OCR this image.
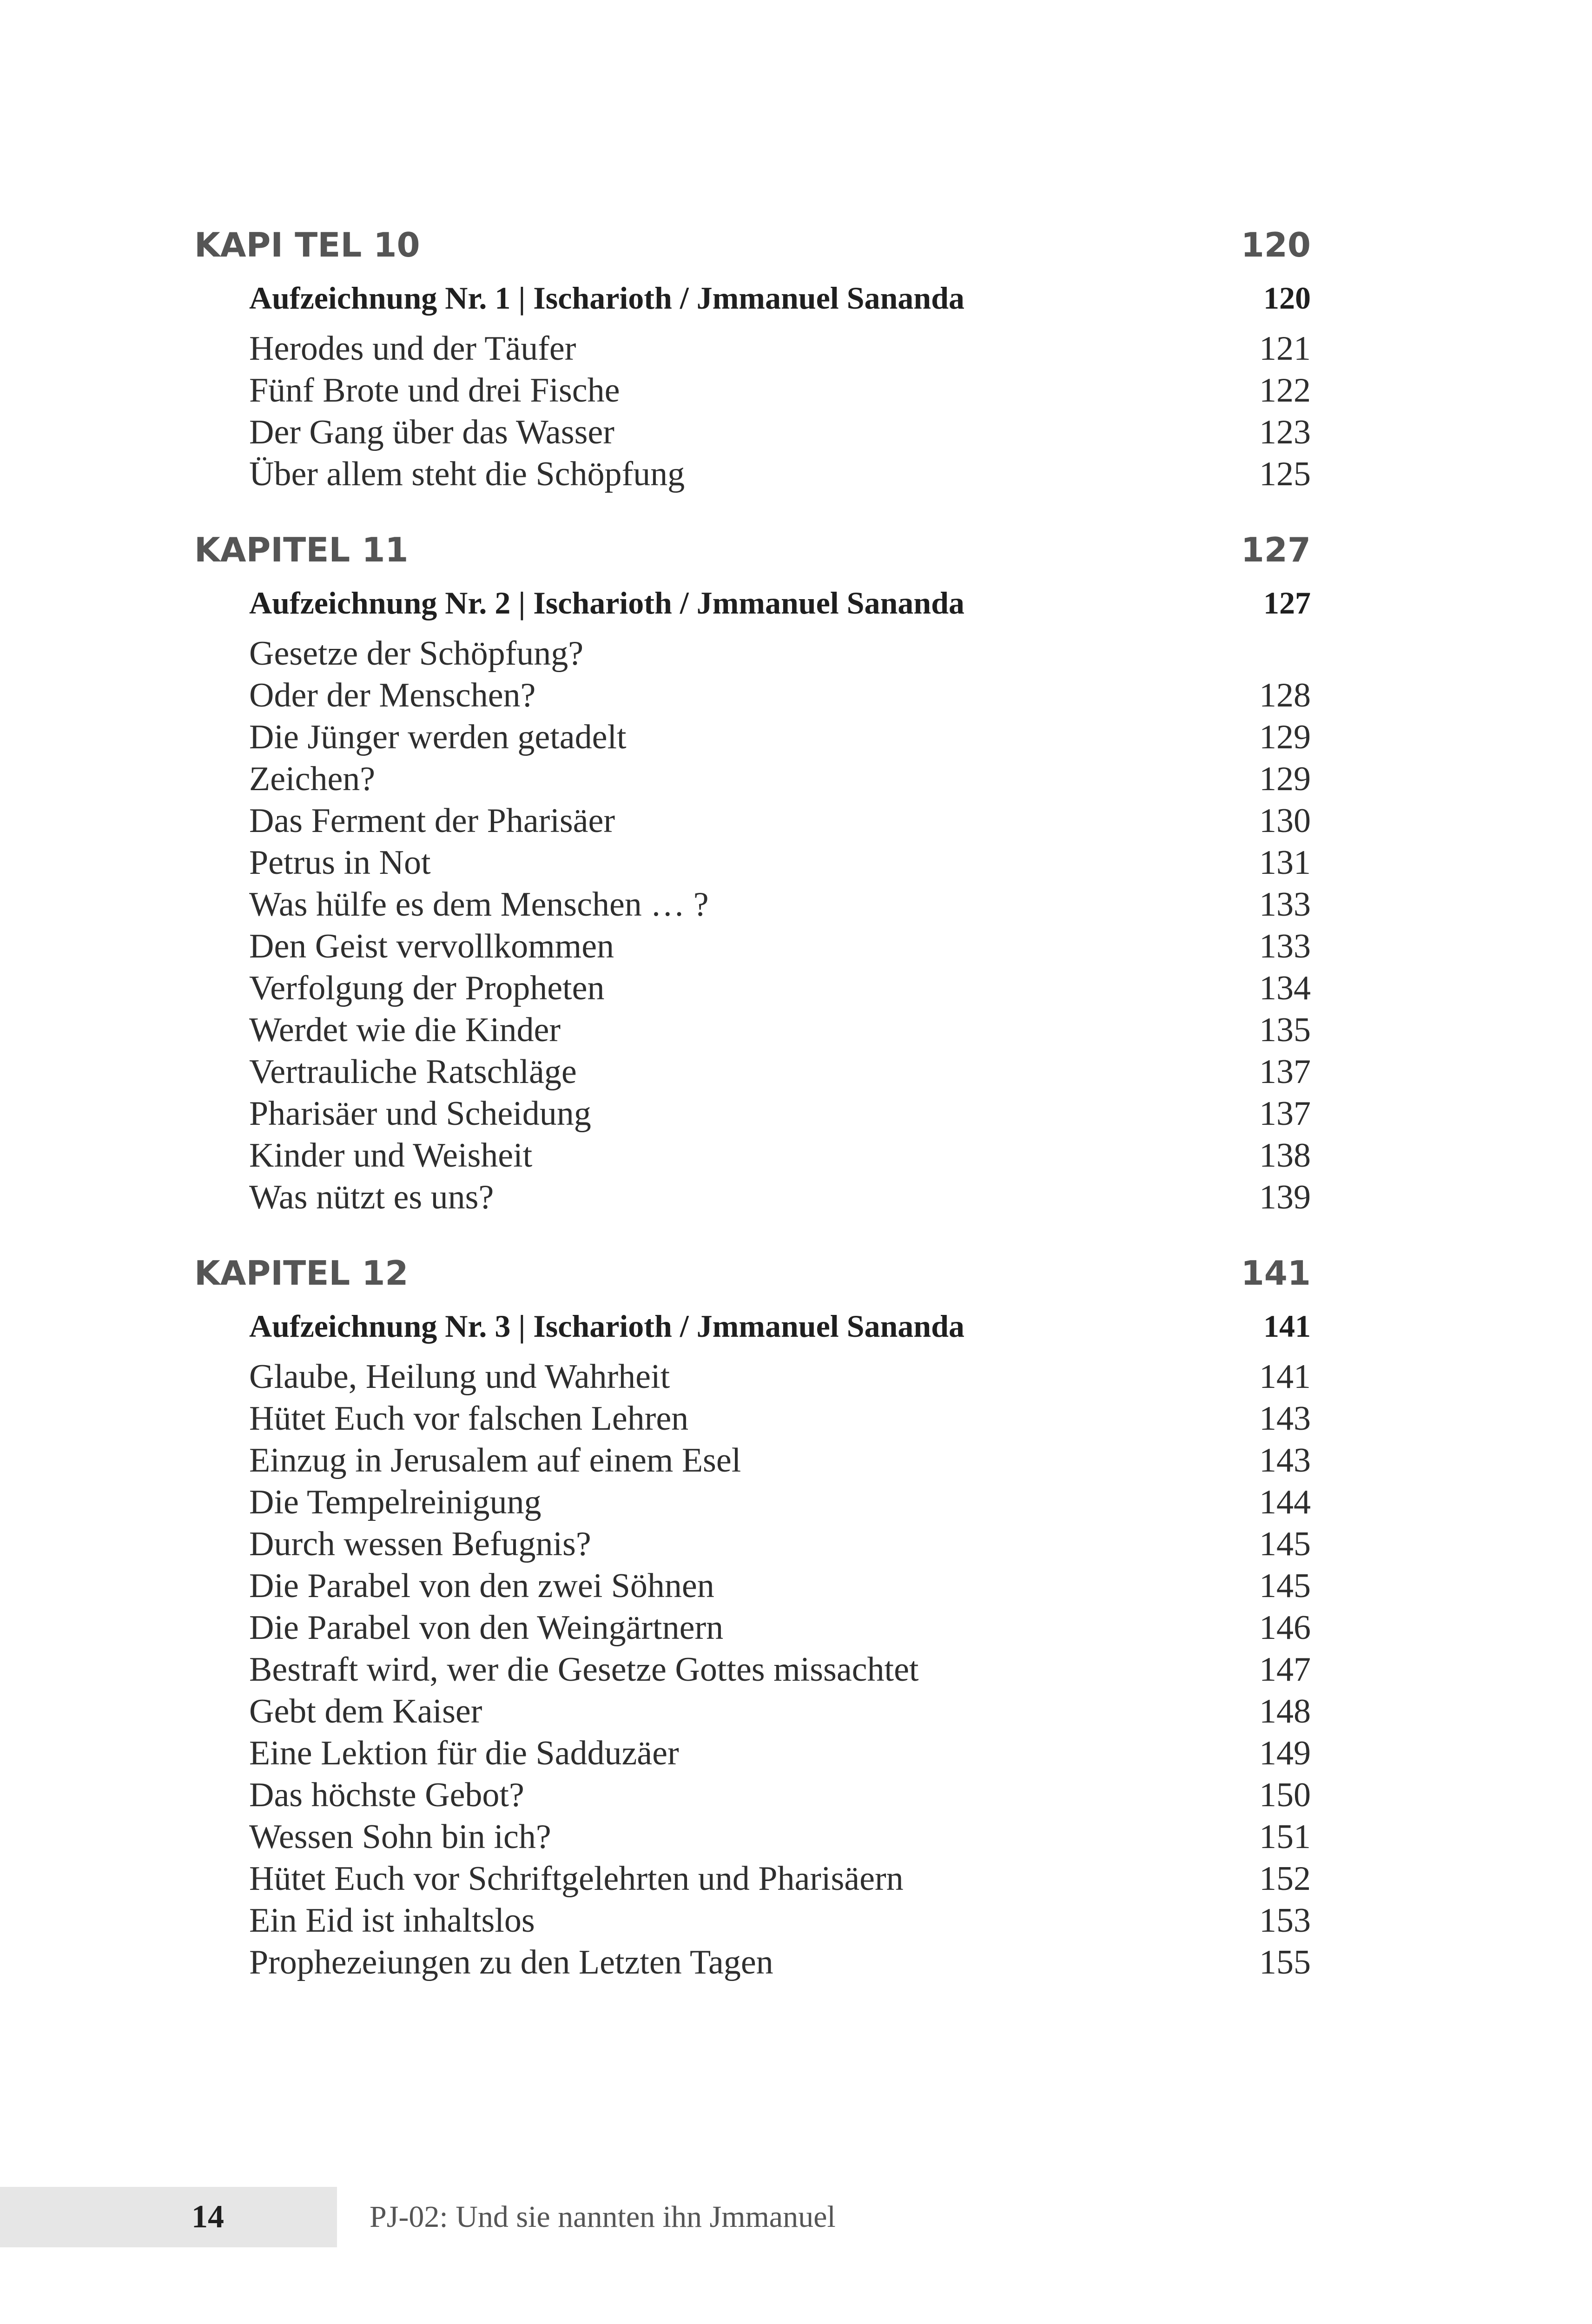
KAPI TEL 10	120
Aufzeichnung Nr. 1 | Ischarioth / Jmmanuel Sananda	120
Herodes und der Täufer	121
Fünf Brote und drei Fische	122
Der Gang über das Wasser	123
Über allem steht die Schöpfung	125
KAPITEL 11	127
Aufzeichnung Nr. 2 | Ischarioth / Jmmanuel Sananda	127
Gesetze der Schöpfung?
Oder der Menschen?	128
Die Jünger werden getadelt	129
Zeichen?	129
Das Ferment der Pharisäer	130
Petrus in Not	131
Was hülfe es dem Menschen … ?	133
Den Geist vervollkommen	133
Verfolgung der Propheten	134
Werdet wie die Kinder	135
Vertrauliche Ratschläge	137
Pharisäer und Scheidung	137
Kinder und Weisheit	138
Was nützt es uns?	139
KAPITEL 12	141
Aufzeichnung Nr. 3 | Ischarioth / Jmmanuel Sananda	141
Glaube, Heilung und Wahrheit	141
Hütet Euch vor falschen Lehren	143
Einzug in Jerusalem auf einem Esel	143
Die Tempelreinigung	144
Durch wessen Befugnis?	145
Die Parabel von den zwei Söhnen	145
Die Parabel von den Weingärtnern	146
Bestraft wird, wer die Gesetze Gottes missachtet	147
Gebt dem Kaiser	148
Eine Lektion für die Sadduzäer	149
Das höchste Gebot?	150
Wessen Sohn bin ich?	151
Hütet Euch vor Schriftgelehrten und Pharisäern	152
Ein Eid ist inhaltslos	153
Prophezeiungen zu den Letzten Tagen	155
14	PJ-02: Und sie nannten ihn Jmmanuel
